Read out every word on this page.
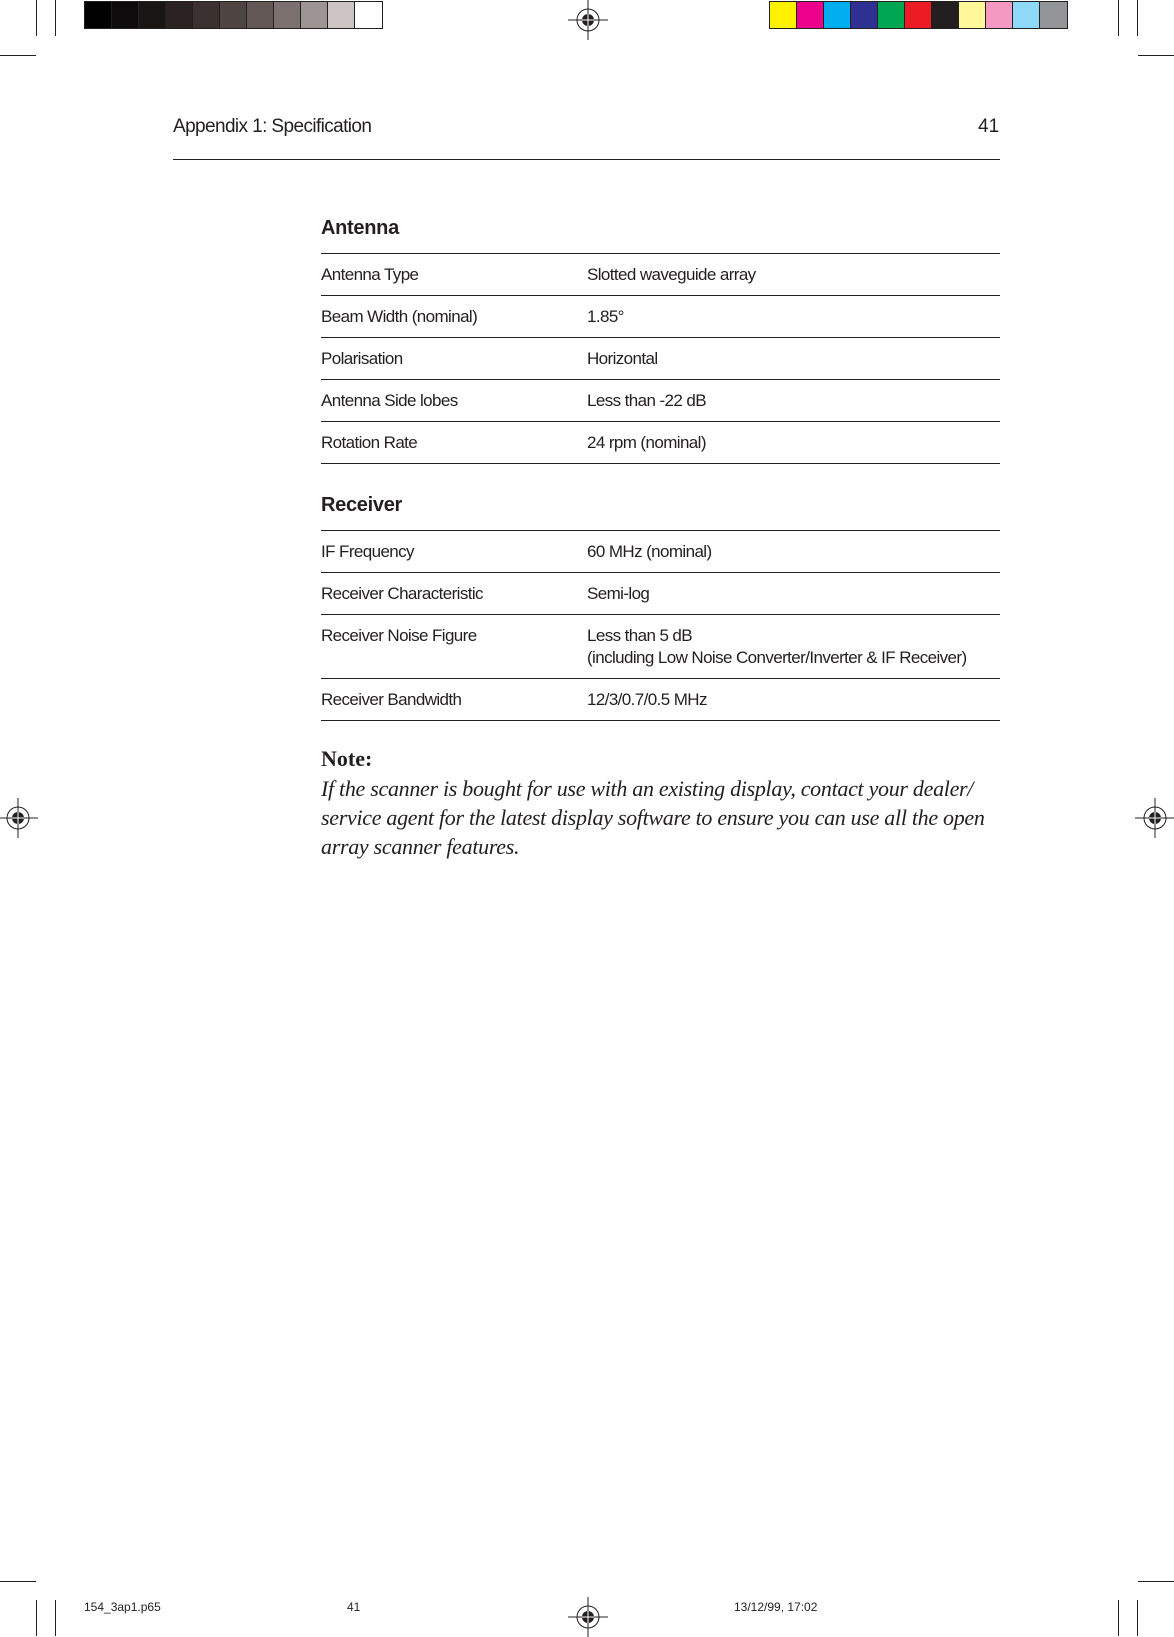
Appendix 1: Specification	41
Antenna
Antenna Type	Slotted waveguide array
Beam Width (nominal)	1.85°
Polarisation	Horizontal
Antenna Side lobes	Less than -22 dB
Rotation Rate	24 rpm (nominal)
Receiver
IF Frequency	60 MHz (nominal)
Receiver Characteristic	Semi-log
Receiver Noise Figure	Less than 5 dB
(including Low Noise Converter/Inverter & IF Receiver)
Receiver Bandwidth	12/3/0.7/0.5 MHz
Note:
If the scanner is bought for use with an existing display, contact your dealer/
service agent for the latest display software to ensure you can use all the open
array scanner features.
154_3ap1.p65	41	13/12/99, 17:02
